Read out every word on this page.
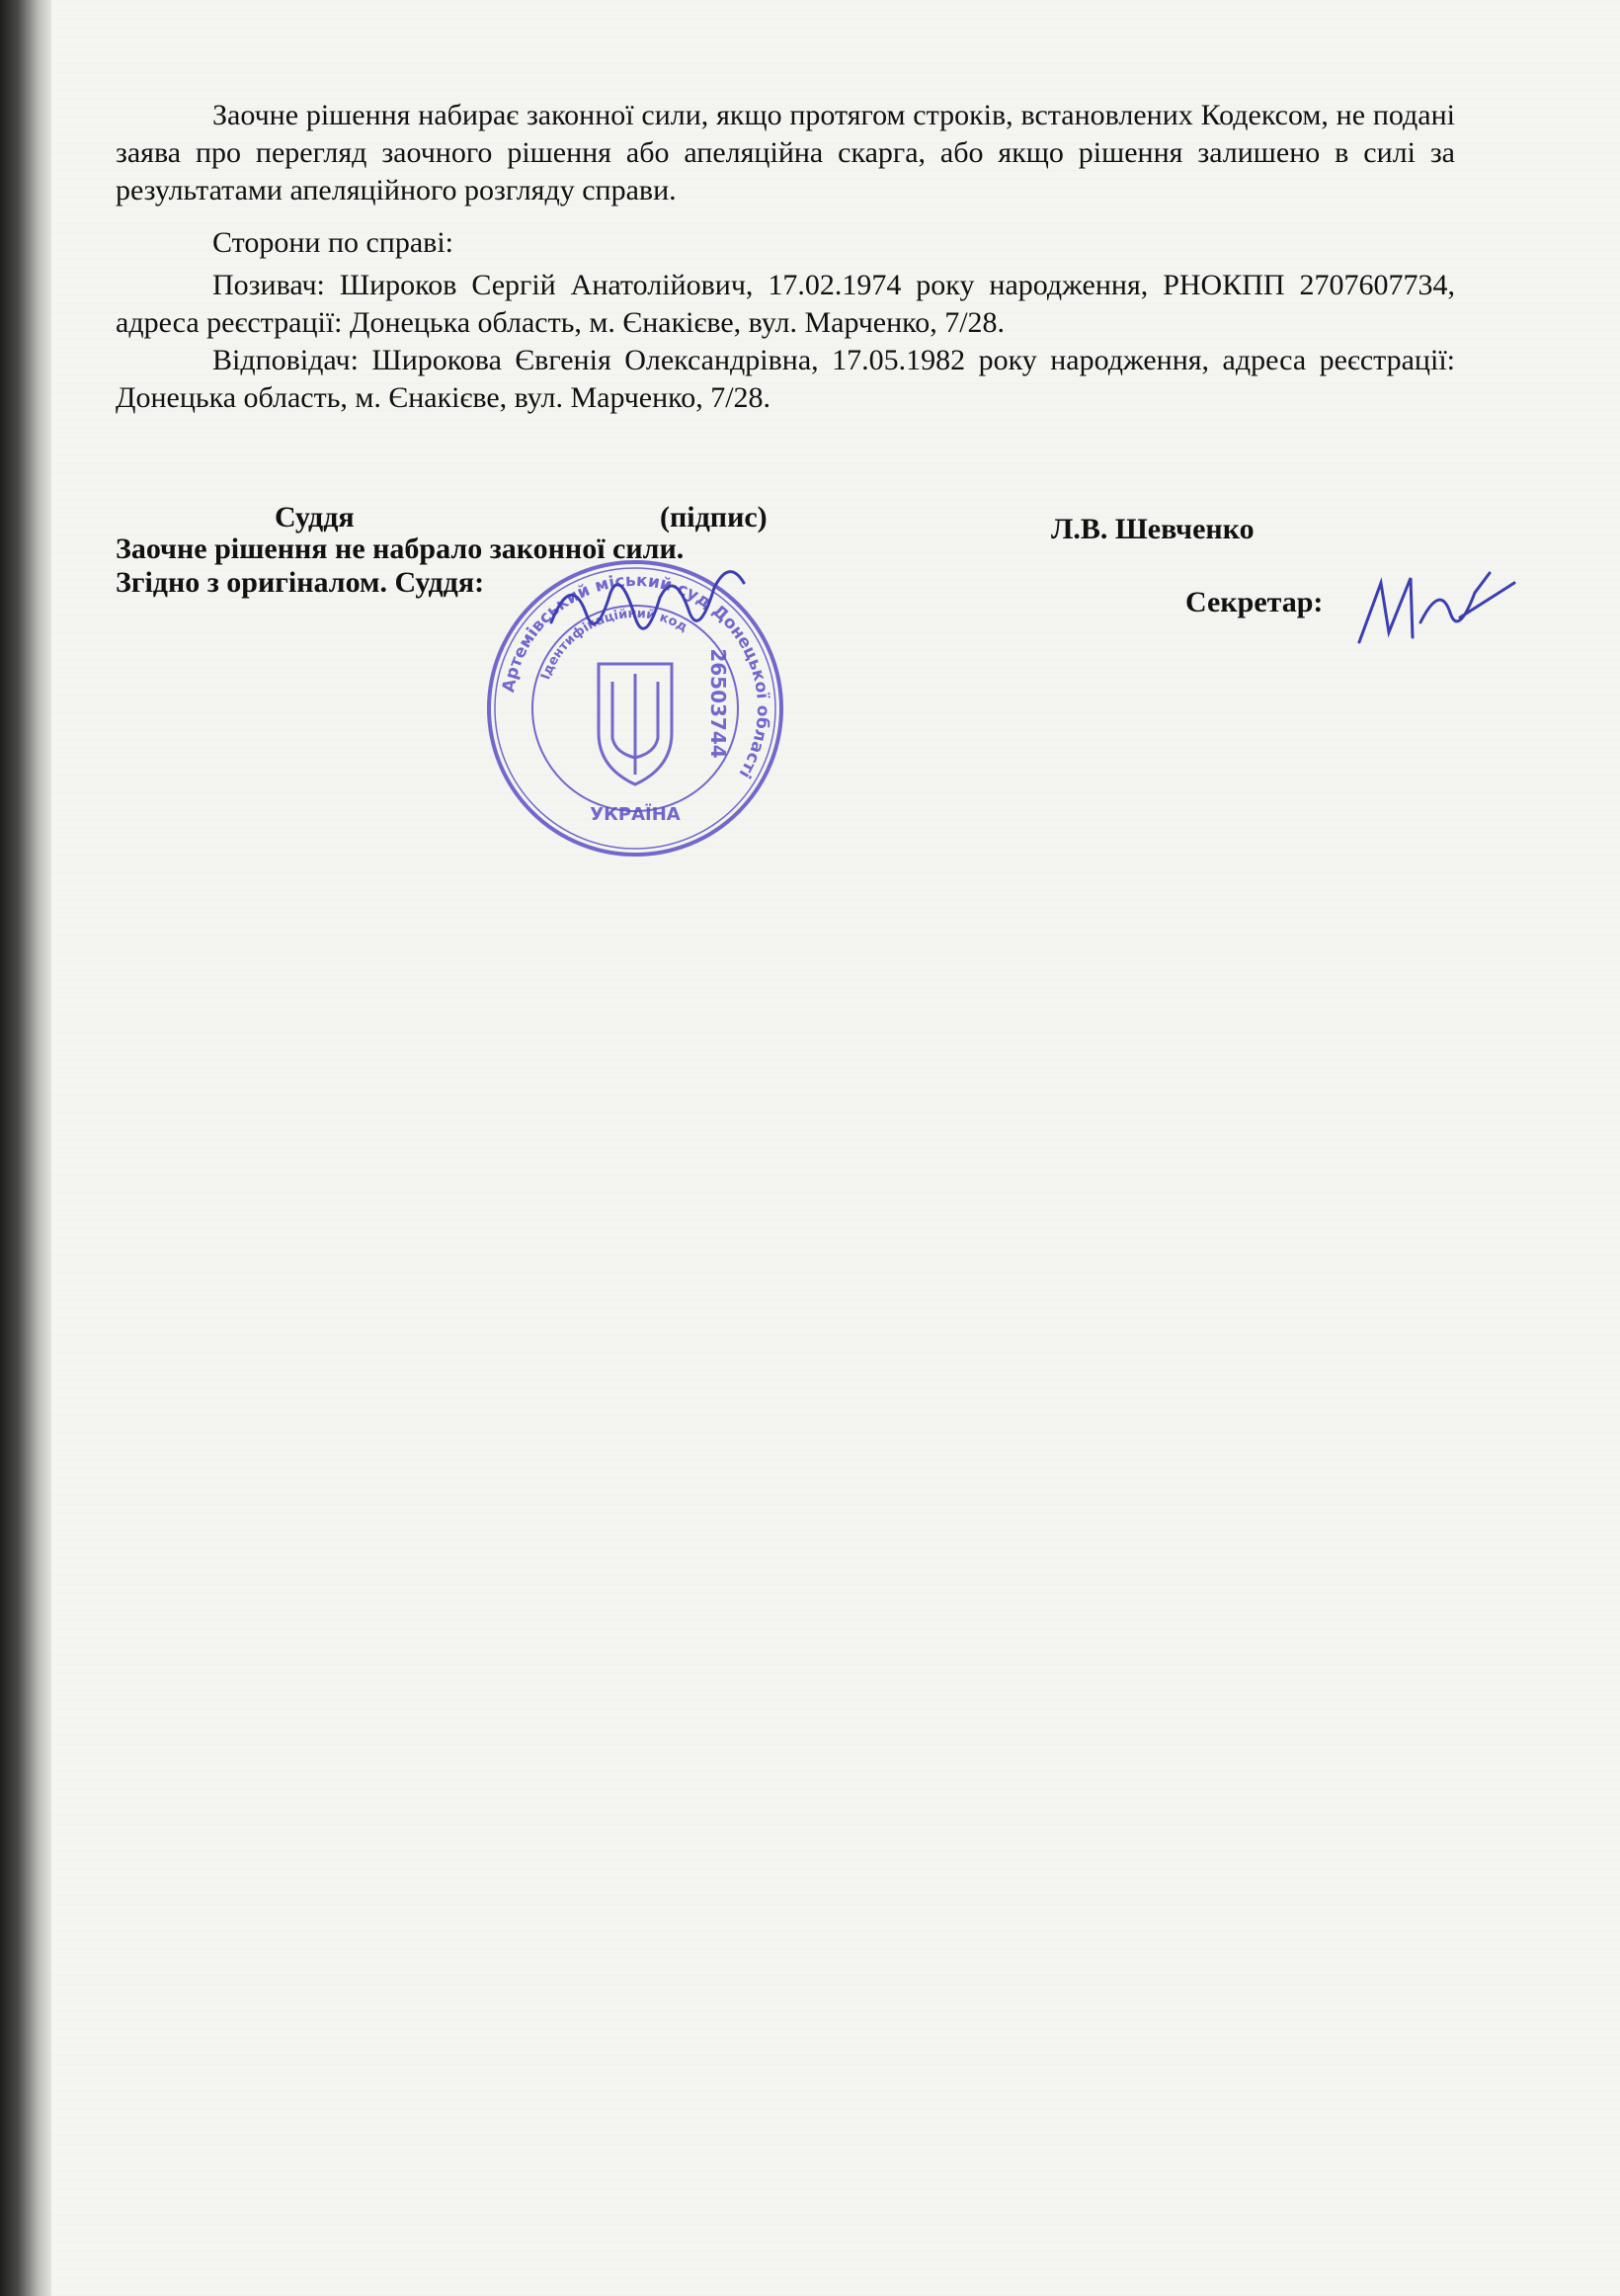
Заочне рішення набирає законної сили, якщо протягом строків, встановлених Кодексом, не подані заява про перегляд заочного рішення або апеляційна скарга, або якщо рішення залишено в силі за результатами апеляційного розгляду справи.
Сторони по справі:
Позивач: Широков Сергій Анатолійович, 17.02.1974 року народження, РНОКПП 2707607734, адреса реєстрації: Донецька область, м. Єнакієве, вул. Марченко, 7/28.
Відповідач: Широкова Євгенія Олександрівна, 17.05.1982 року народження, адреса реєстрації: Донецька область, м. Єнакієве, вул. Марченко, 7/28.
Суддя	(підпис)	Л.В. Шевченко
Заочне рішення не набрало законної сили.
Згідно з оригіналом. Суддя:
Секретар:
Артемівський міський суд Донецької області
Ідентифікаційний код
УКРАЇНА
26503744
